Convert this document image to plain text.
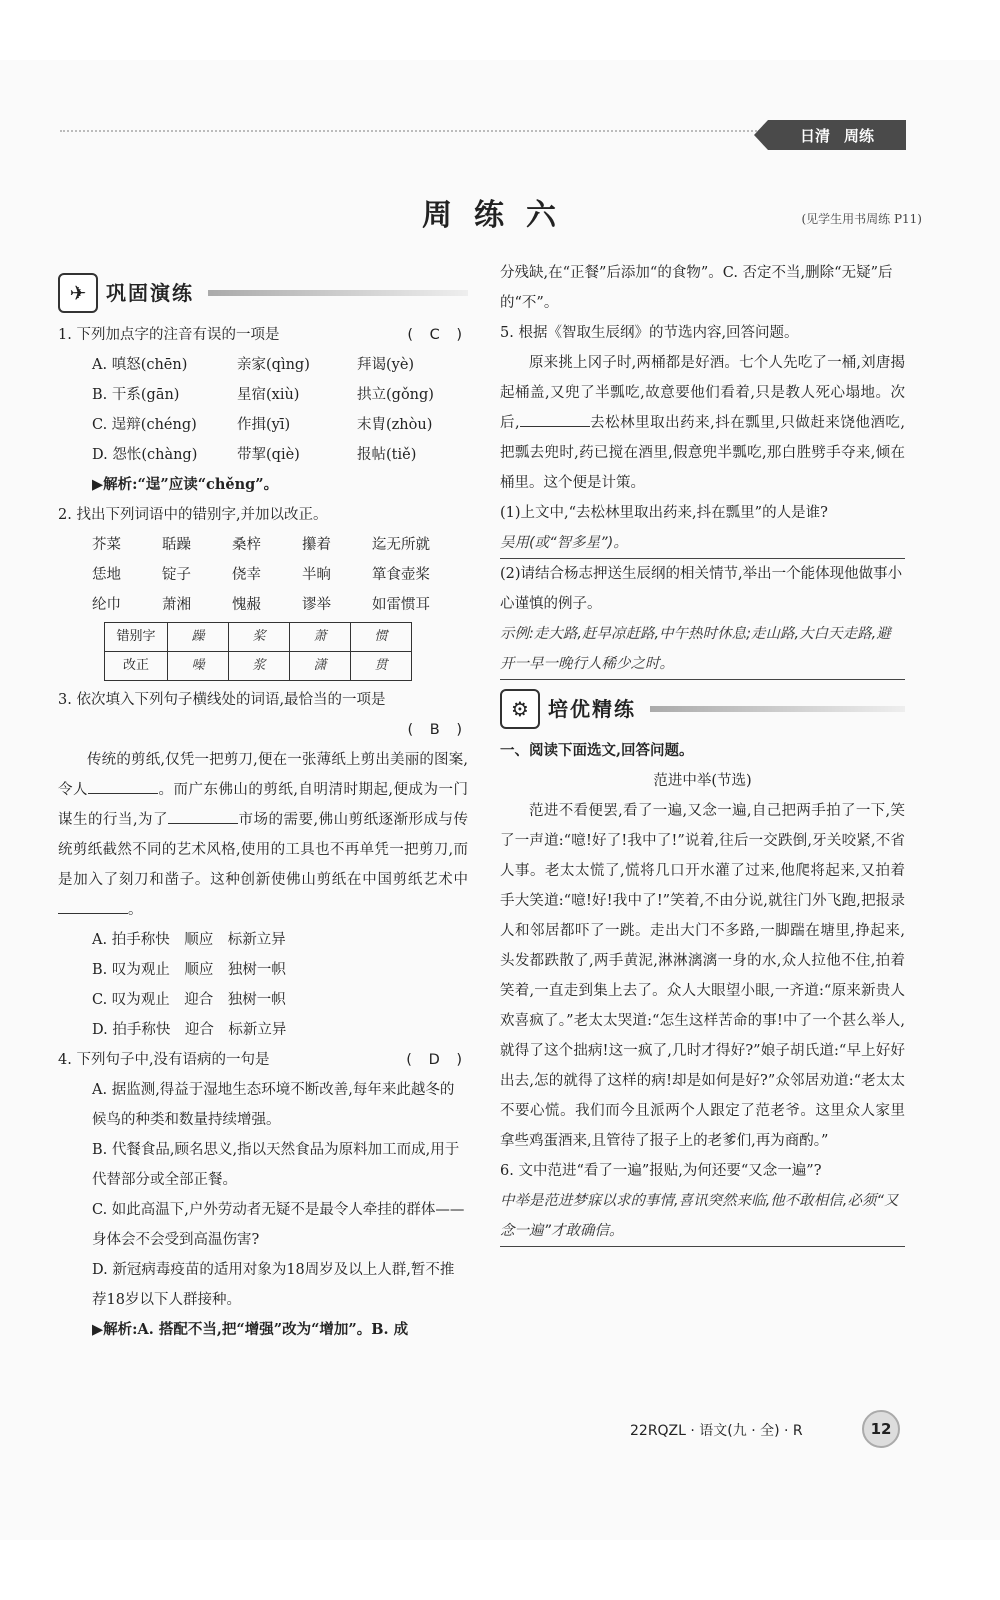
日清 周练
周练六	(见学生用书周练 P11)
✈ 巩固演练
1. 下列加点字的注音有误的一项是	( C )
A. 嗔怒(chēn)	亲家(qìng)	拜谒(yè)
B. 干系(gān)	星宿(xiù)	拱立(gǒng)
C. 逞辩(chéng)	作揖(yī)	末胄(zhòu)
D. 怨怅(chàng)	带挈(qiè)	报帖(tiě)
▶解析:“逞”应读“chěng”。
2. 找出下列词语中的错别字,并加以改正。
芥菜	聒躁	桑梓	攥着	迄无所就
恁地	锭子	侥幸	半晌	箪食壶桨
纶巾	萧湘	愧赧	谬举	如雷惯耳
错别字	躁	桨	萧	惯
改正	噪	浆	潇	贯
3. 依次填入下列句子横线处的词语,最恰当的一项是
( B )
传统的剪纸,仅凭一把剪刀,便在一张薄纸上剪出美丽的图案,令人	。而广东佛山的剪纸,自明清时期起,便成为一门谋生的行当,为了	市场的需要,佛山剪纸逐渐形成与传统剪纸截然不同的艺术风格,使用的工具也不再单凭一把剪刀,而是加入了刻刀和凿子。这种创新使佛山剪纸在中国剪纸艺术中。
A. 拍手称快　顺应　标新立异
B. 叹为观止　顺应　独树一帜
C. 叹为观止　迎合　独树一帜
D. 拍手称快　迎合　标新立异
4. 下列句子中,没有语病的一句是	( D )
A. 据监测,得益于湿地生态环境不断改善,每年来此越冬的候鸟的种类和数量持续增强。
B. 代餐食品,顾名思义,指以天然食品为原料加工而成,用于代替部分或全部正餐。
C. 如此高温下,户外劳动者无疑不是最令人牵挂的群体——身体会不会受到高温伤害?
D. 新冠病毒疫苗的适用对象为18周岁及以上人群,暂不推荐18岁以下人群接种。
▶解析:A. 搭配不当,把“增强”改为“增加”。B. 成
分残缺,在“正餐”后添加“的食物”。C. 否定不当,删除“无疑”后的“不”。
5. 根据《智取生辰纲》的节选内容,回答问题。
原来挑上冈子时,两桶都是好酒。七个人先吃了一桶,刘唐揭起桶盖,又兜了半瓢吃,故意要他们看着,只是教人死心塌地。次后,	去松林里取出药来,抖在瓢里,只做赶来饶他酒吃,把瓢去兜时,药已搅在酒里,假意兜半瓢吃,那白胜劈手夺来,倾在桶里。这个便是计策。
(1)上文中,“去松林里取出药来,抖在瓢里”的人是谁?
吴用(或“智多星”)。
(2)请结合杨志押送生辰纲的相关情节,举出一个能体现他做事小心谨慎的例子。
示例:走大路,赶早凉赶路,中午热时休息;走山路,大白天走路,避开一早一晚行人稀少之时。
⚙ 培优精练
一、阅读下面选文,回答问题。
范进中举(节选)
范进不看便罢,看了一遍,又念一遍,自己把两手拍了一下,笑了一声道:“噫!好了!我中了!”说着,往后一交跌倒,牙关咬紧,不省人事。老太太慌了,慌将几口开水灌了过来,他爬将起来,又拍着手大笑道:“噫!好!我中了!”笑着,不由分说,就往门外飞跑,把报录人和邻居都吓了一跳。走出大门不多路,一脚踹在塘里,挣起来,头发都跌散了,两手黄泥,淋淋漓漓一身的水,众人拉他不住,拍着笑着,一直走到集上去了。众人大眼望小眼,一齐道:“原来新贵人欢喜疯了。”老太太哭道:“怎生这样苦命的事!中了一个甚么举人,就得了这个拙病!这一疯了,几时才得好?”娘子胡氏道:“早上好好出去,怎的就得了这样的病!却是如何是好?”众邻居劝道:“老太太不要心慌。我们而今且派两个人跟定了范老爷。这里众人家里拿些鸡蛋酒来,且管待了报子上的老爹们,再为商酌。”
6. 文中范进“看了一遍”报贴,为何还要“又念一遍”?
中举是范进梦寐以求的事情,喜讯突然来临,他不敢相信,必须“又念一遍”才敢确信。
22RQZL · 语文(九 · 全) · R	12
